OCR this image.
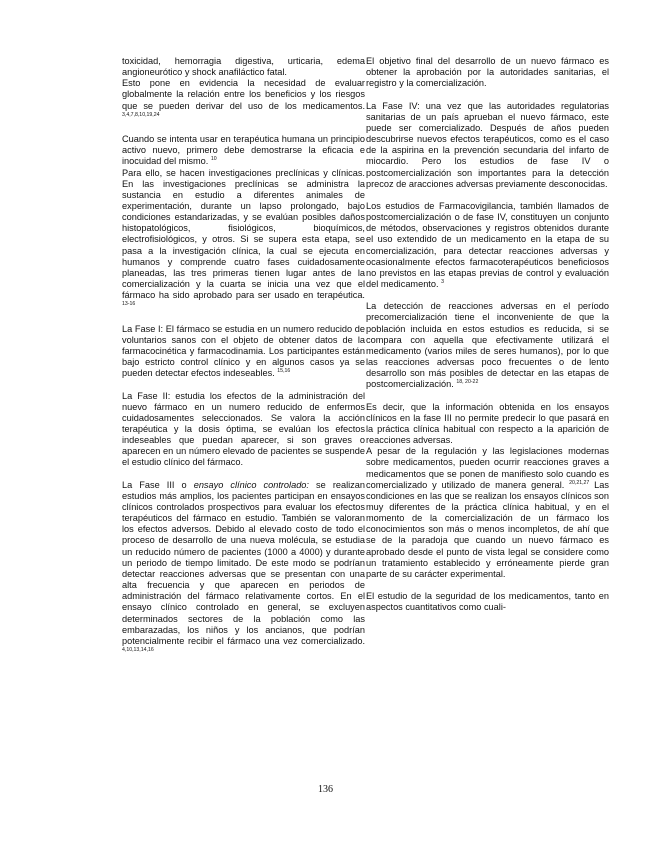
toxicidad, hemorragia digestiva, urticaria, edema angioneurótico y shock anafiláctico fatal.

Esto pone en evidencia la necesidad de evaluar globalmente la relación entre los beneficios y los riesgos que se pueden derivar del uso de los medicamentos. $^{3,4,7,8,10,19,24}$

Cuando se intenta usar en terapéutica humana un principio activo nuevo, primero debe demostrarse la eficacia e inocuidad del mismo. $^{10}$

Para ello, se hacen investigaciones preclínicas y clínicas. En las investigaciones preclínicas se administra la sustancia en estudio a diferentes animales de experimentación, durante un lapso prolongado, bajo condiciones estandarizadas, y se evalúan posibles daños histopatológicos, fisiológicos, bioquímicos, electrofisiológicos, y otros. Si se supera esta etapa, se pasa a la investigación clínica, la cual se ejecuta en humanos y comprende cuatro fases cuidadosamente planeadas, las tres primeras tienen lugar antes de la comercialización y la cuarta se inicia una vez que el fármaco ha sido aprobado para ser usado en terapéutica. $^{13-16}$

La Fase I: El fármaco se estudia en un numero reducido de voluntarios sanos con el objeto de obtener datos de la farmacocinética y farmacodinamia. Los participantes están bajo estricto control clínico y en algunos casos ya se pueden detectar efectos indeseables. $^{15,16}$

La Fase II: estudia los efectos de la administración del nuevo fármaco en un numero reducido de enfermos cuidadosamentes seleccionados. Se valora la acción terapéutica y la dosis óptima, se evalúan los efectos indeseables que puedan aparecer, si son graves o aparecen en un número elevado de pacientes se suspende el estudio clínico del fármaco.

La Fase III o ensayo clínico controlado: se realizan estudios más amplios, los pacientes participan en ensayos clínicos controlados prospectivos para evaluar los efectos terapéuticos del fármaco en estudio. También se valoran los efectos adversos. Debido al elevado costo de todo el proceso de desarrollo de una nueva molécula, se estudia un reducido número de pacientes (1000 a 4000) y durante un periodo de tiempo limitado. De este modo se podrían detectar reacciones adversas que se presentan con una alta frecuencia y que aparecen en periodos de administración del fármaco relativamente cortos. En el ensayo clínico controlado en general, se excluyen determinados sectores de la población como las embarazadas, los niños y los ancianos, que podrían potencialmente recibir el fármaco una vez comercializado. $^{4,10,13,14,16}$

El objetivo final del desarrollo de un nuevo fármaco es obtener la aprobación por la autoridades sanitarias, el registro y la comercialización.

La Fase IV: una vez que las autoridades regulatorias sanitarias de un país aprueban el nuevo fármaco, este puede ser comercializado. Después de años pueden descubrirse nuevos efectos terapéuticos, como es el caso de la aspirina en la prevención secundaria del infarto de miocardio. Pero los estudios de fase IV o postcomercialización son importantes para la detección precoz de aracciones adversas previamente desconocidas.

Los estudios de Farmacovigilancia, también llamados de postcomercialización o de fase IV, constituyen un conjunto de métodos, observaciones y registros obtenidos durante el uso extendido de un medicamento en la etapa de su comercialización, para detectar reacciones adversas y ocasionalmente efectos farmacoterapéuticos beneficiosos no previstos en las etapas previas de control y evaluación del medicamento. $^3$

La detección de reacciones adversas en el período precomercialización tiene el inconveniente de que la población incluida en estos estudios es reducida, si se compara con aquella que efectivamente utilizará el medicamento (varios miles de seres humanos), por lo que las reacciones adversas poco frecuentes o de lento desarrollo son más posibles de detectar en las etapas de postcomercialización. $^{18, 20-22}$

Es decir, que la información obtenida en los ensayos clínicos en la fase III no permite predecir lo que pasará en la práctica clínica habitual con respecto a la aparición de reacciones adversas.

A pesar de la regulación y las legislaciones modernas sobre medicamentos, pueden ocurrir reacciones graves a medicamentos que se ponen de manifiesto solo cuando es comercializado y utilizado de manera general. $^{20,21,27}$ Las condiciones en las que se realizan los ensayos clínicos son muy diferentes de la práctica clínica habitual, y en el momento de la comercialización de un fármaco los conocimientos son más o menos incompletos, de ahí que se de la paradoja que cuando un nuevo fármaco es aprobado desde el punto de vista legal se considere como un tratamiento establecido y erróneamente pierde gran parte de su carácter experimental.

El estudio de la seguridad de los medicamentos, tanto en aspectos cuantitativos como cuali-

136
